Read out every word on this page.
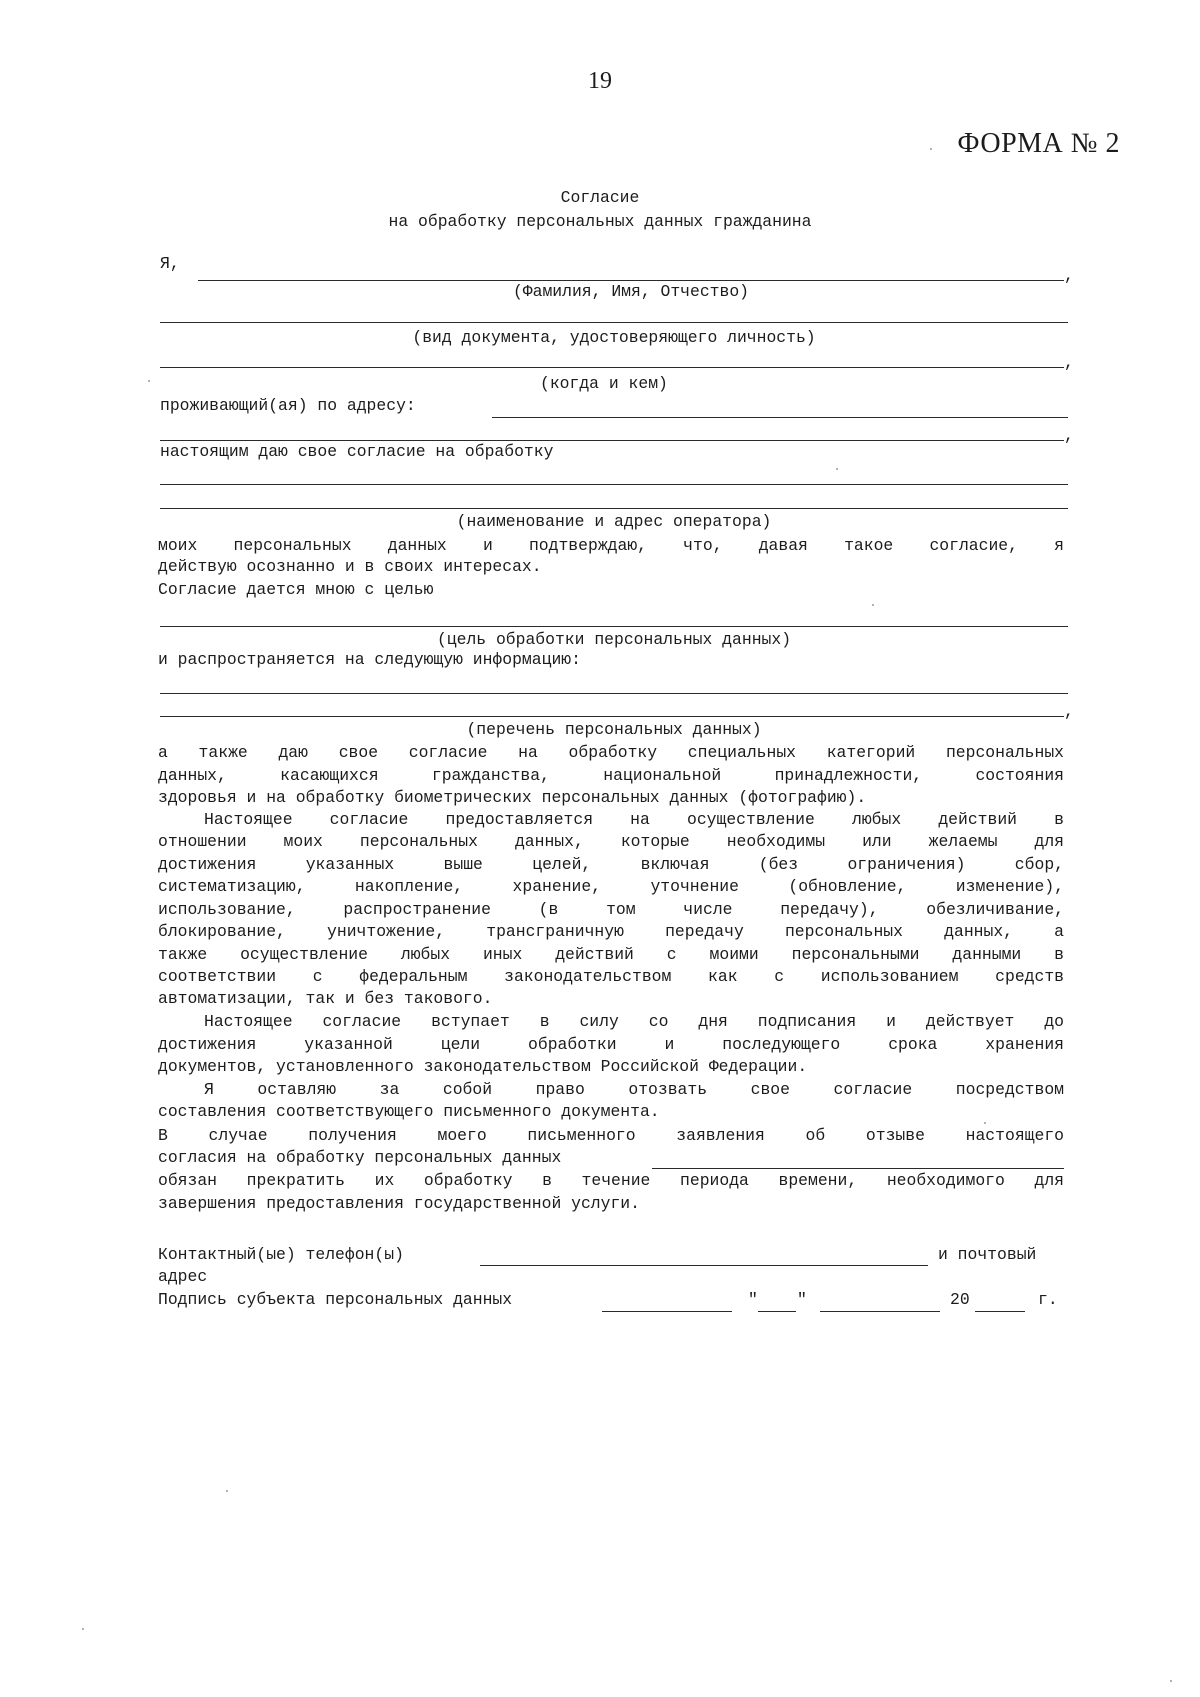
19
ФОРМА № 2
Согласие
на обработку персональных данных гражданина
Я,
,
(Фамилия, Имя, Отчество)
(вид документа, удостоверяющего личность)
,
(когда и кем)
проживающий(ая) по адресу:
,
настоящим даю свое согласие на обработку
(наименование и адрес оператора)
моих персональных данных и подтверждаю, что, давая такое согласие, я
действую осознанно и в своих интересах.
Согласие дается мною с целью
(цель обработки персональных данных)
и распространяется на следующую информацию:
,
(перечень персональных данных)
а также даю свое согласие на обработку специальных категорий персональных
данных, касающихся гражданства, национальной принадлежности, состояния
здоровья и на обработку биометрических персональных данных (фотографию).
Настоящее согласие предоставляется на осуществление любых действий в
отношении моих персональных данных, которые необходимы или желаемы для
достижения указанных выше целей, включая (без ограничения) сбор,
систематизацию, накопление, хранение, уточнение (обновление, изменение),
использование, распространение (в том числе передачу), обезличивание,
блокирование, уничтожение, трансграничную передачу персональных данных, а
также осуществление любых иных действий с моими персональными данными в
соответствии с федеральным законодательством как с использованием средств
автоматизации, так и без такового.
Настоящее согласие вступает в силу со дня подписания и действует до
достижения указанной цели обработки и последующего срока хранения
документов, установленного законодательством Российской Федерации.
Я оставляю за собой право отозвать свое согласие посредством
составления соответствующего письменного документа.
В случае получения моего письменного заявления об отзыве настоящего
согласия на обработку персональных данных
обязан прекратить их обработку в течение периода времени, необходимого для
завершения предоставления государственной услуги.
Контактный(ые) телефон(ы)	и почтовый
адрес
Подпись субъекта персональных данных	" "	20	г.
